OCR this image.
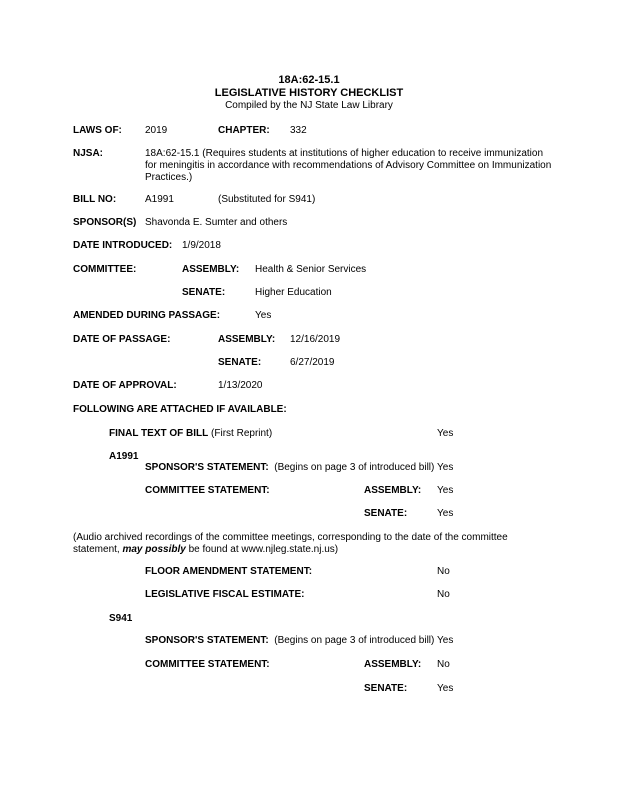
18A:62-15.1
LEGISLATIVE HISTORY CHECKLIST
Compiled by the NJ State Law Library
LAWS OF: 2019	CHAPTER: 332
NJSA:	18A:62-15.1 (Requires students at institutions of higher education to receive immunization
for meningitis in accordance with recommendations of Advisory Committee on Immunization
Practices.)
BILL NO:	A1991	(Substituted for S941)
SPONSOR(S) Shavonda E. Sumter and others
DATE INTRODUCED: 1/9/2018
COMMITTEE:	ASSEMBLY: Health & Senior Services
SENATE:	Higher Education
AMENDED DURING PASSAGE:	Yes
DATE OF PASSAGE:	ASSEMBLY: 12/16/2019
SENATE:	6/27/2019
DATE OF APPROVAL:	1/13/2020
FOLLOWING ARE ATTACHED IF AVAILABLE:
FINAL TEXT OF BILL (First Reprint)	Yes
A1991
SPONSOR'S STATEMENT: (Begins on page 3 of introduced bill) Yes
COMMITTEE STATEMENT:	ASSEMBLY: Yes
SENATE:	Yes
(Audio archived recordings of the committee meetings, corresponding to the date of the committee
statement, may possibly be found at www.njleg.state.nj.us)
FLOOR AMENDMENT STATEMENT:	No
LEGISLATIVE FISCAL ESTIMATE:	No
S941
SPONSOR'S STATEMENT: (Begins on page 3 of introduced bill) Yes
COMMITTEE STATEMENT:	ASSEMBLY: No
SENATE:	Yes
